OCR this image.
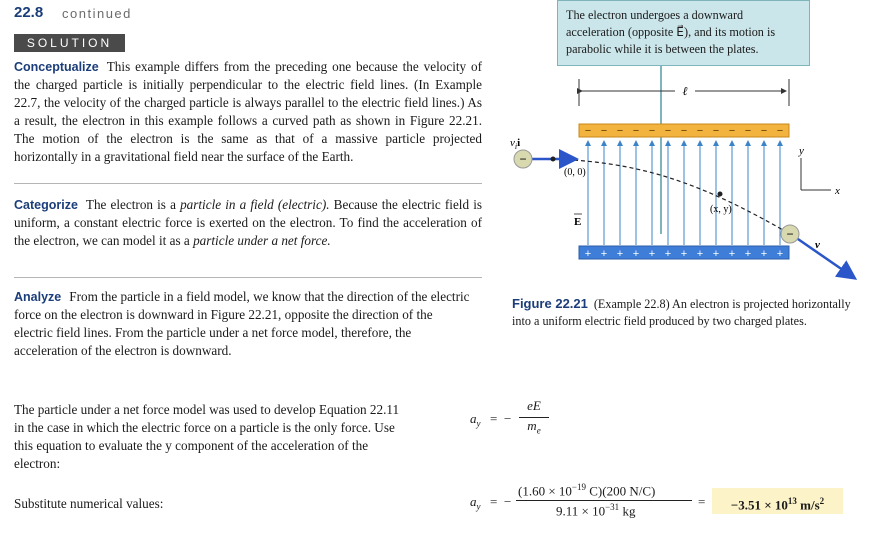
22.8 continued
SOLUTION
Conceptualize This example differs from the preceding one because the velocity of the charged particle is initially perpendicular to the electric field lines. (In Example 22.7, the velocity of the charged particle is always parallel to the electric field lines.) As a result, the electron in this example follows a curved path as shown in Figure 22.21. The motion of the electron is the same as that of a massive particle projected horizontally in a gravitational field near the surface of the Earth.
Categorize The electron is a particle in a field (electric). Because the electric field is uniform, a constant electric force is exerted on the electron. To find the acceleration of the electron, we can model it as a particle under a net force.
Analyze From the particle in a field model, we know that the direction of the electric force on the electron is downward in Figure 22.21, opposite the direction of the electric field lines. From the particle under a net force model, therefore, the acceleration of the electron is downward.
The particle under a net force model was used to develop Equation 22.11 in the case in which the electric force on a particle is the only force. Use this equation to evaluate the y component of the acceleration of the electron:
Substitute numerical values:
$a_y$ = −
eE
$m_e$
$a_y$ = −
($1.60 \times 10^{-19}$ C)(200 N/C)
$9.11 \times 10^{-31}$ kg
=	$-3.51 \times 10^{13}$ $m/s^2$
The electron undergoes a downward acceleration (opposite E⃗), and its motion is parabolic while it is between the plates.
ℓ
− − − − − − − − − − − − −
+ + + + + + + + + + + + +
−
$v_ii$
(0, 0)
(x, y)
E
−
v
y
x
Figure 22.21 (Example 22.8) An electron is projected horizontally into a uniform electric field produced by two charged plates.
